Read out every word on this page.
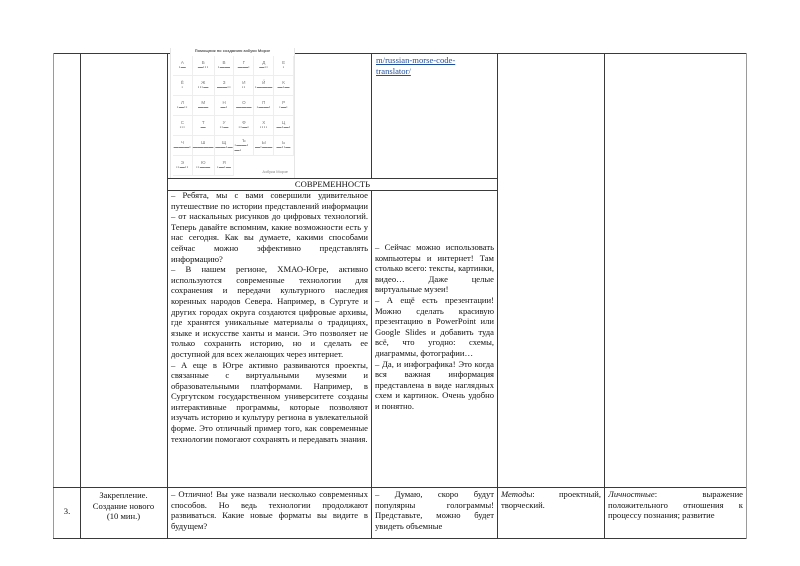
Помощник по созданию азбуки Морзе
А
·—
Б
—···
В
·——
Г
——·
Д
—··
Е
·
Ё
·
Ж
···—
З
——··
И
··
Й
·———
К
—·—
Л
·—··
М
——
Н
—·
О
———
П
·——·
Р
·—·
С
···
Т
—
У
··—
Ф
··—·
Х
····
Ц
—·—·
Ч
———·
Ш
————
Щ
——·—
Ъ
·——·—·
Ы
—·——
Ь
—··—
Э
··—··
Ю
··——
Я
·—·—
Азбука Морзе
m/russian-morse-code-
translator/
СОВРЕМЕННОСТЬ
– Ребята, мы с вами совершили удивительное путешествие по истории представлений информации – от наскальных рисунков до цифровых технологий. Теперь давайте вспомним, какие возможности есть у нас сегодня. Как вы думаете, какими способами сейчас можно эффективно представлять информацию?
– В нашем регионе, ХМАО-Югре, активно используются современные технологии для сохранения и передачи культурного наследия коренных народов Севера. Например, в Сургуте и других городах округа создаются цифровые архивы, где хранятся уникальные материалы о традициях, языке и искусстве ханты и манси. Это позволяет не только сохранить историю, но и сделать ее доступной для всех желающих через интернет.
– А еще в Югре активно развиваются проекты, связанные с виртуальными музеями и образовательными платформами. Например, в Сургутском государственном университете созданы интерактивные программы, которые позволяют изучать историю и культуру региона в увлекательной форме. Это отличный пример того, как современные технологии помогают сохранять и передавать знания.
– Сейчас можно использовать компьютеры и интернет! Там столько всего: тексты, картинки, видео… Даже целые виртуальные музеи!
– А ещё есть презентации! Можно сделать красивую презентацию в PowerPoint или Google Slides и добавить туда всё, что угодно: схемы, диаграммы, фотографии…
– Да, и инфографика! Это когда вся важная информация представлена в виде наглядных схем и картинок. Очень удобно и понятно.
3.
Закрепление.
Создание нового
(10 мин.)
– Отлично! Вы уже назвали несколько современных способов. Но ведь технологии продолжают развиваться. Какие новые форматы вы видите в будущем?
– Думаю, скоро будут популярны голограммы! Представьте, можно будет увидеть объемные
Методы: проектный, творческий.
Личностные: выражение положительного отношения к процессу познания; развитие
